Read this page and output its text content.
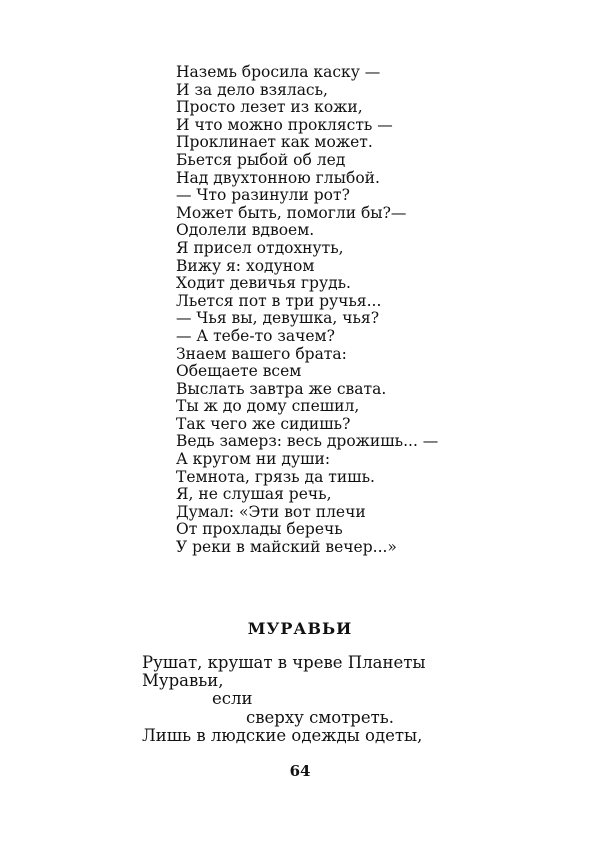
Наземь бросила каску —
И за дело взялась,
Просто лезет из кожи,
И что можно проклясть —
Проклинает как может.
Бьется рыбой об лед
Над двухтонною глыбой.
— Что разинули рот?
Может быть, помогли бы?—
Одолели вдвоем.
Я присел отдохнуть,
Вижу я: ходуном
Ходит девичья грудь.
Льется пот в три ручья...
— Чья вы, девушка, чья?
— А тебе-то зачем?
Знаем вашего брата:
Обещаете всем
Выслать завтра же свата.
Ты ж до дому спешил,
Так чего же сидишь?
Ведь замерз: весь дрожишь... —
А кругом ни души:
Темнота, грязь да тишь.
Я, не слушая речь,
Думал: «Эти вот плечи
От прохлады беречь
У реки в майский вечер...»
МУРАВЬИ
Рушат, крушат в чреве Планеты
Муравьи,
если
сверху смотреть.
Лишь в людские одежды одеты,
64
